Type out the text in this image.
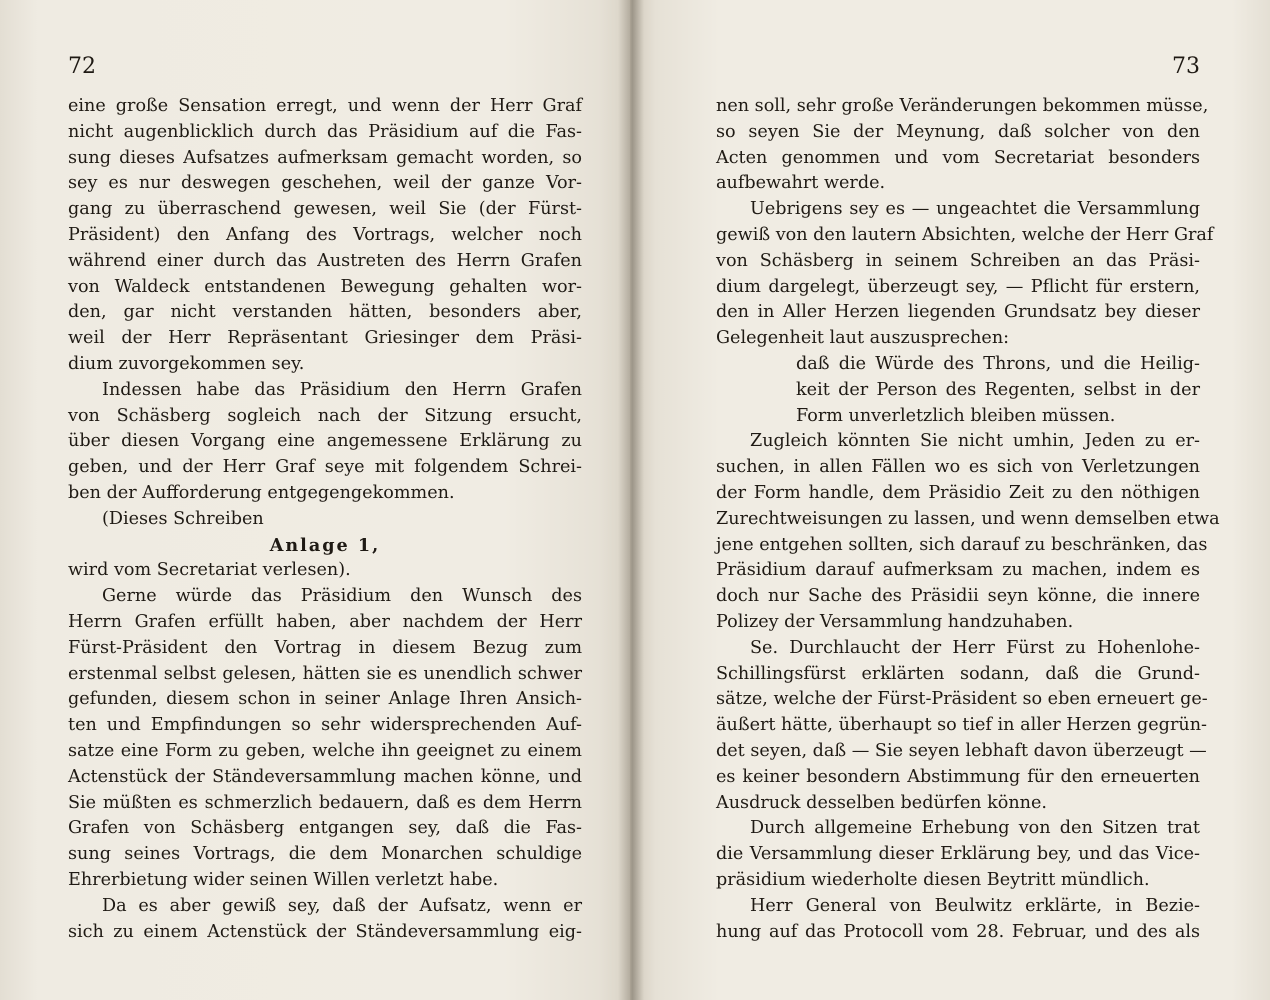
72
eine große Sensation erregt, und wenn der Herr Graf
nicht augenblicklich durch das Präsidium auf die Fas-
sung dieses Aufsatzes aufmerksam gemacht worden, so
sey es nur deswegen geschehen, weil der ganze Vor-
gang zu überraschend gewesen, weil Sie (der Fürst-
Präsident) den Anfang des Vortrags, welcher noch
während einer durch das Austreten des Herrn Grafen
von Waldeck entstandenen Bewegung gehalten wor-
den, gar nicht verstanden hätten, besonders aber,
weil der Herr Repräsentant Griesinger dem Präsi-
dium zuvorgekommen sey.
Indessen habe das Präsidium den Herrn Grafen
von Schäsberg sogleich nach der Sitzung ersucht,
über diesen Vorgang eine angemessene Erklärung zu
geben, und der Herr Graf seye mit folgendem Schrei-
ben der Aufforderung entgegengekommen.
(Dieses Schreiben
Anlage 1,
wird vom Secretariat verlesen).
Gerne würde das Präsidium den Wunsch des
Herrn Grafen erfüllt haben, aber nachdem der Herr
Fürst-Präsident den Vortrag in diesem Bezug zum
erstenmal selbst gelesen, hätten sie es unendlich schwer
gefunden, diesem schon in seiner Anlage Ihren Ansich-
ten und Empfindungen so sehr widersprechenden Auf-
satze eine Form zu geben, welche ihn geeignet zu einem
Actenstück der Ständeversammlung machen könne, und
Sie müßten es schmerzlich bedauern, daß es dem Herrn
Grafen von Schäsberg entgangen sey, daß die Fas-
sung seines Vortrags, die dem Monarchen schuldige
Ehrerbietung wider seinen Willen verletzt habe.
Da es aber gewiß sey, daß der Aufsatz, wenn er
sich zu einem Actenstück der Ständeversammlung eig-
73
nen soll, sehr große Veränderungen bekommen müsse,
so seyen Sie der Meynung, daß solcher von den
Acten genommen und vom Secretariat besonders
aufbewahrt werde.
Uebrigens sey es — ungeachtet die Versammlung
gewiß von den lautern Absichten, welche der Herr Graf
von Schäsberg in seinem Schreiben an das Präsi-
dium dargelegt, überzeugt sey, — Pflicht für erstern,
den in Aller Herzen liegenden Grundsatz bey dieser
Gelegenheit laut auszusprechen:
daß die Würde des Throns, und die Heilig-
keit der Person des Regenten, selbst in der
Form unverletzlich bleiben müssen.
Zugleich könnten Sie nicht umhin, Jeden zu er-
suchen, in allen Fällen wo es sich von Verletzungen
der Form handle, dem Präsidio Zeit zu den nöthigen
Zurechtweisungen zu lassen, und wenn demselben etwa
jene entgehen sollten, sich darauf zu beschränken, das
Präsidium darauf aufmerksam zu machen, indem es
doch nur Sache des Präsidii seyn könne, die innere
Polizey der Versammlung handzuhaben.
Se. Durchlaucht der Herr Fürst zu Hohenlohe-
Schillingsfürst erklärten sodann, daß die Grund-
sätze, welche der Fürst-Präsident so eben erneuert ge-
äußert hätte, überhaupt so tief in aller Herzen gegrün-
det seyen, daß — Sie seyen lebhaft davon überzeugt —
es keiner besondern Abstimmung für den erneuerten
Ausdruck desselben bedürfen könne.
Durch allgemeine Erhebung von den Sitzen trat
die Versammlung dieser Erklärung bey, und das Vice-
präsidium wiederholte diesen Beytritt mündlich.
Herr General von Beulwitz erklärte, in Bezie-
hung auf das Protocoll vom 28. Februar, und des als
